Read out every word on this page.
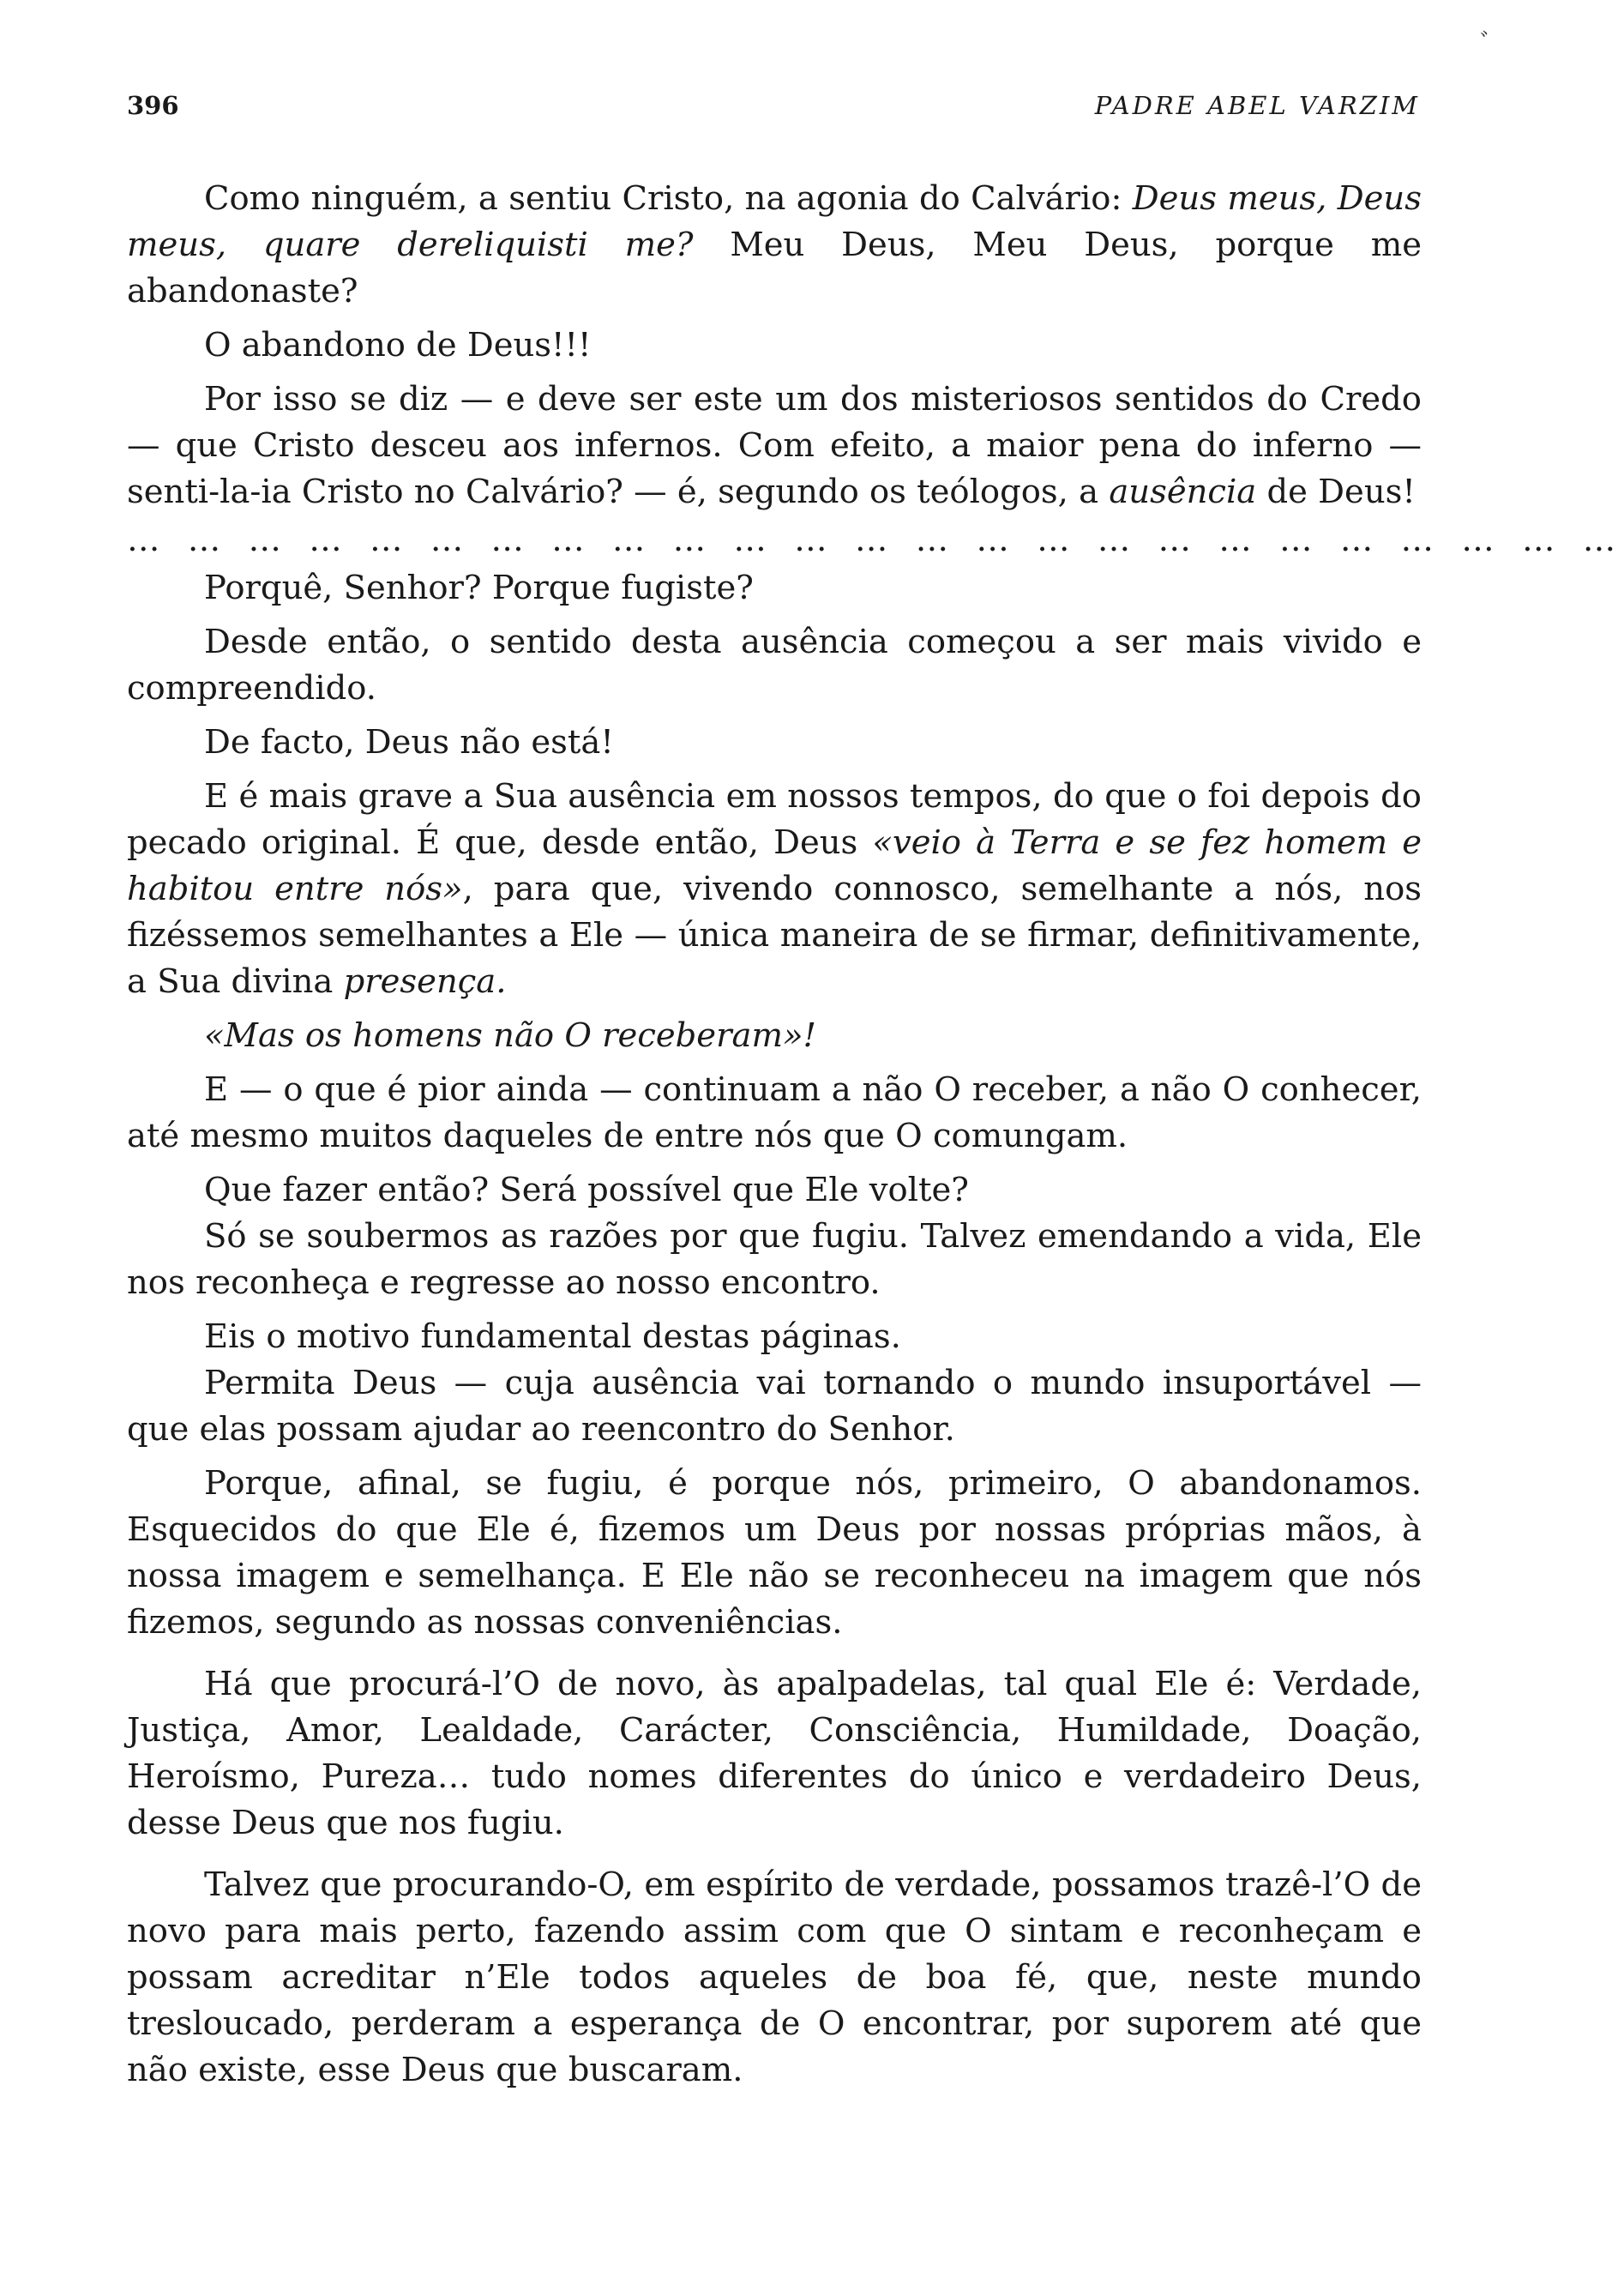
ﾞ
396	PADRE ABEL VARZIM

Como ninguém, a sentiu Cristo, na agonia do Calvário: Deus meus, Deus meus, quare dereliquisti me? Meu Deus, Meu Deus, porque me abandonaste?

O abandono de Deus!!!

Por isso se diz — e deve ser este um dos misteriosos sentidos do Credo — que Cristo desceu aos infernos. Com efeito, a maior pena do inferno — senti-la-ia Cristo no Calvário? — é, segundo os teólogos, a ausência de Deus!

… … … … … … … … … … … … … … … … … … … … … … … … …

Porquê, Senhor? Porque fugiste?

Desde então, o sentido desta ausência começou a ser mais vivido e compreendido.

De facto, Deus não está!

E é mais grave a Sua ausência em nossos tempos, do que o foi depois do pecado original. É que, desde então, Deus «veio à Terra e se fez homem e habitou entre nós», para que, vivendo connosco, semelhante a nós, nos fizéssemos semelhantes a Ele — única maneira de se firmar, definitivamente, a Sua divina presença.

«Mas os homens não O receberam»!

E — o que é pior ainda — continuam a não O receber, a não O conhecer, até mesmo muitos daqueles de entre nós que O comungam.

Que fazer então? Será possível que Ele volte?

Só se soubermos as razões por que fugiu. Talvez emendando a vida, Ele nos reconheça e regresse ao nosso encontro.

Eis o motivo fundamental destas páginas.

Permita Deus — cuja ausência vai tornando o mundo insuportável — que elas possam ajudar ao reencontro do Senhor.

Porque, afinal, se fugiu, é porque nós, primeiro, O abandonamos. Esquecidos do que Ele é, fizemos um Deus por nossas próprias mãos, à nossa imagem e semelhança. E Ele não se reconheceu na imagem que nós fizemos, segundo as nossas conveniências.

Há que procurá-l’O de novo, às apalpadelas, tal qual Ele é: Verdade, Justiça, Amor, Lealdade, Carácter, Consciência, Humildade, Doação, Heroísmo, Pureza… tudo nomes diferentes do único e verdadeiro Deus, desse Deus que nos fugiu.

Talvez que procurando-O, em espírito de verdade, possamos trazê-l’O de novo para mais perto, fazendo assim com que O sintam e reconheçam e possam acreditar n’Ele todos aqueles de boa fé, que, neste mundo tresloucado, perderam a esperança de O encontrar, por suporem até que não existe, esse Deus que buscaram.
